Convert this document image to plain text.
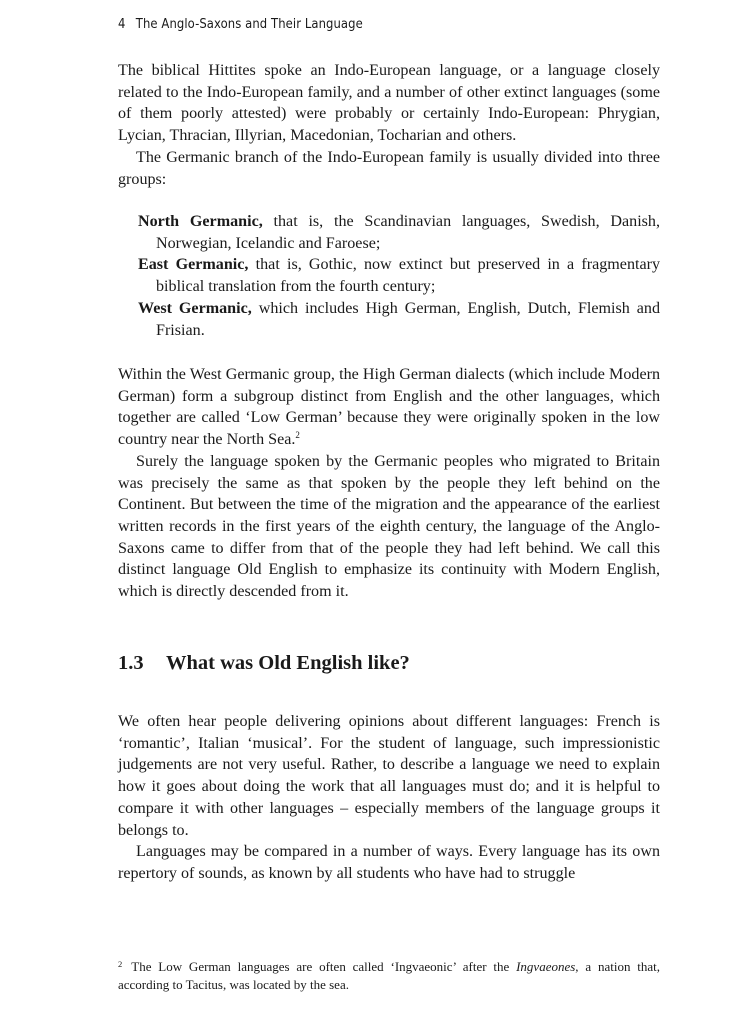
4 The Anglo-Saxons and Their Language

The biblical Hittites spoke an Indo-European language, or a language closely related to the Indo-European family, and a number of other extinct languages (some of them poorly attested) were probably or certainly Indo-European: Phrygian, Lycian, Thracian, Illyrian, Macedonian, Tocharian and others.

The Germanic branch of the Indo-European family is usually divided into three groups:

North Germanic, that is, the Scandinavian languages, Swedish, Danish, Norwegian, Icelandic and Faroese;

East Germanic, that is, Gothic, now extinct but preserved in a fragmentary biblical translation from the fourth century;

West Germanic, which includes High German, English, Dutch, Flemish and Frisian.

Within the West Germanic group, the High German dialects (which include Modern German) form a subgroup distinct from English and the other languages, which together are called ‘Low German’ because they were originally spoken in the low country near the North Sea.$^2$

Surely the language spoken by the Germanic peoples who migrated to Britain was precisely the same as that spoken by the people they left behind on the Continent. But between the time of the migration and the appearance of the earliest written records in the first years of the eighth century, the language of the Anglo-Saxons came to differ from that of the people they had left behind. We call this distinct language Old English to emphasize its continuity with Modern English, which is directly descended from it.

1.3 What was Old English like?

We often hear people delivering opinions about different languages: French is ‘romantic’, Italian ‘musical’. For the student of language, such impressionistic judgements are not very useful. Rather, to describe a language we need to explain how it goes about doing the work that all languages must do; and it is helpful to compare it with other languages – especially members of the language groups it belongs to.

Languages may be compared in a number of ways. Every language has its own repertory of sounds, as known by all students who have had to struggle

$^2$ The Low German languages are often called ‘Ingvaeonic’ after the Ingvaeones, a nation that, according to Tacitus, was located by the sea.
